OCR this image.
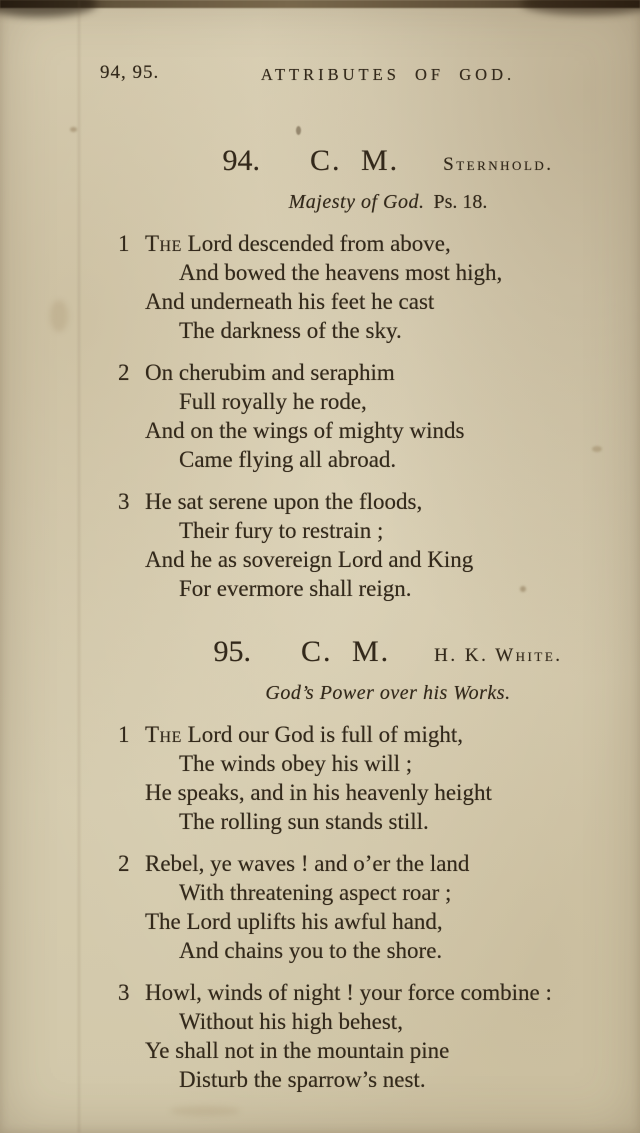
94, 95.	ATTRIBUTES OF GOD.
94. C. M. Sternhold.
Majesty of God. Ps. 18.
1 The Lord descended from above,

And bowed the heavens most high,

And underneath his feet he cast

The darkness of the sky.

2 On cherubim and seraphim

Full royally he rode,

And on the wings of mighty winds

Came flying all abroad.

3 He sat serene upon the floods,

Their fury to restrain ;

And he as sovereign Lord and King

For evermore shall reign.

95. C. M. H. K. White.
God’s Power over his Works.
1 The Lord our God is full of might,

The winds obey his will ;

He speaks, and in his heavenly height

The rolling sun stands still.

2 Rebel, ye waves ! and o’er the land

With threatening aspect roar ;

The Lord uplifts his awful hand,

And chains you to the shore.

3 Howl, winds of night ! your force combine :

Without his high behest,

Ye shall not in the mountain pine

Disturb the sparrow’s nest.
